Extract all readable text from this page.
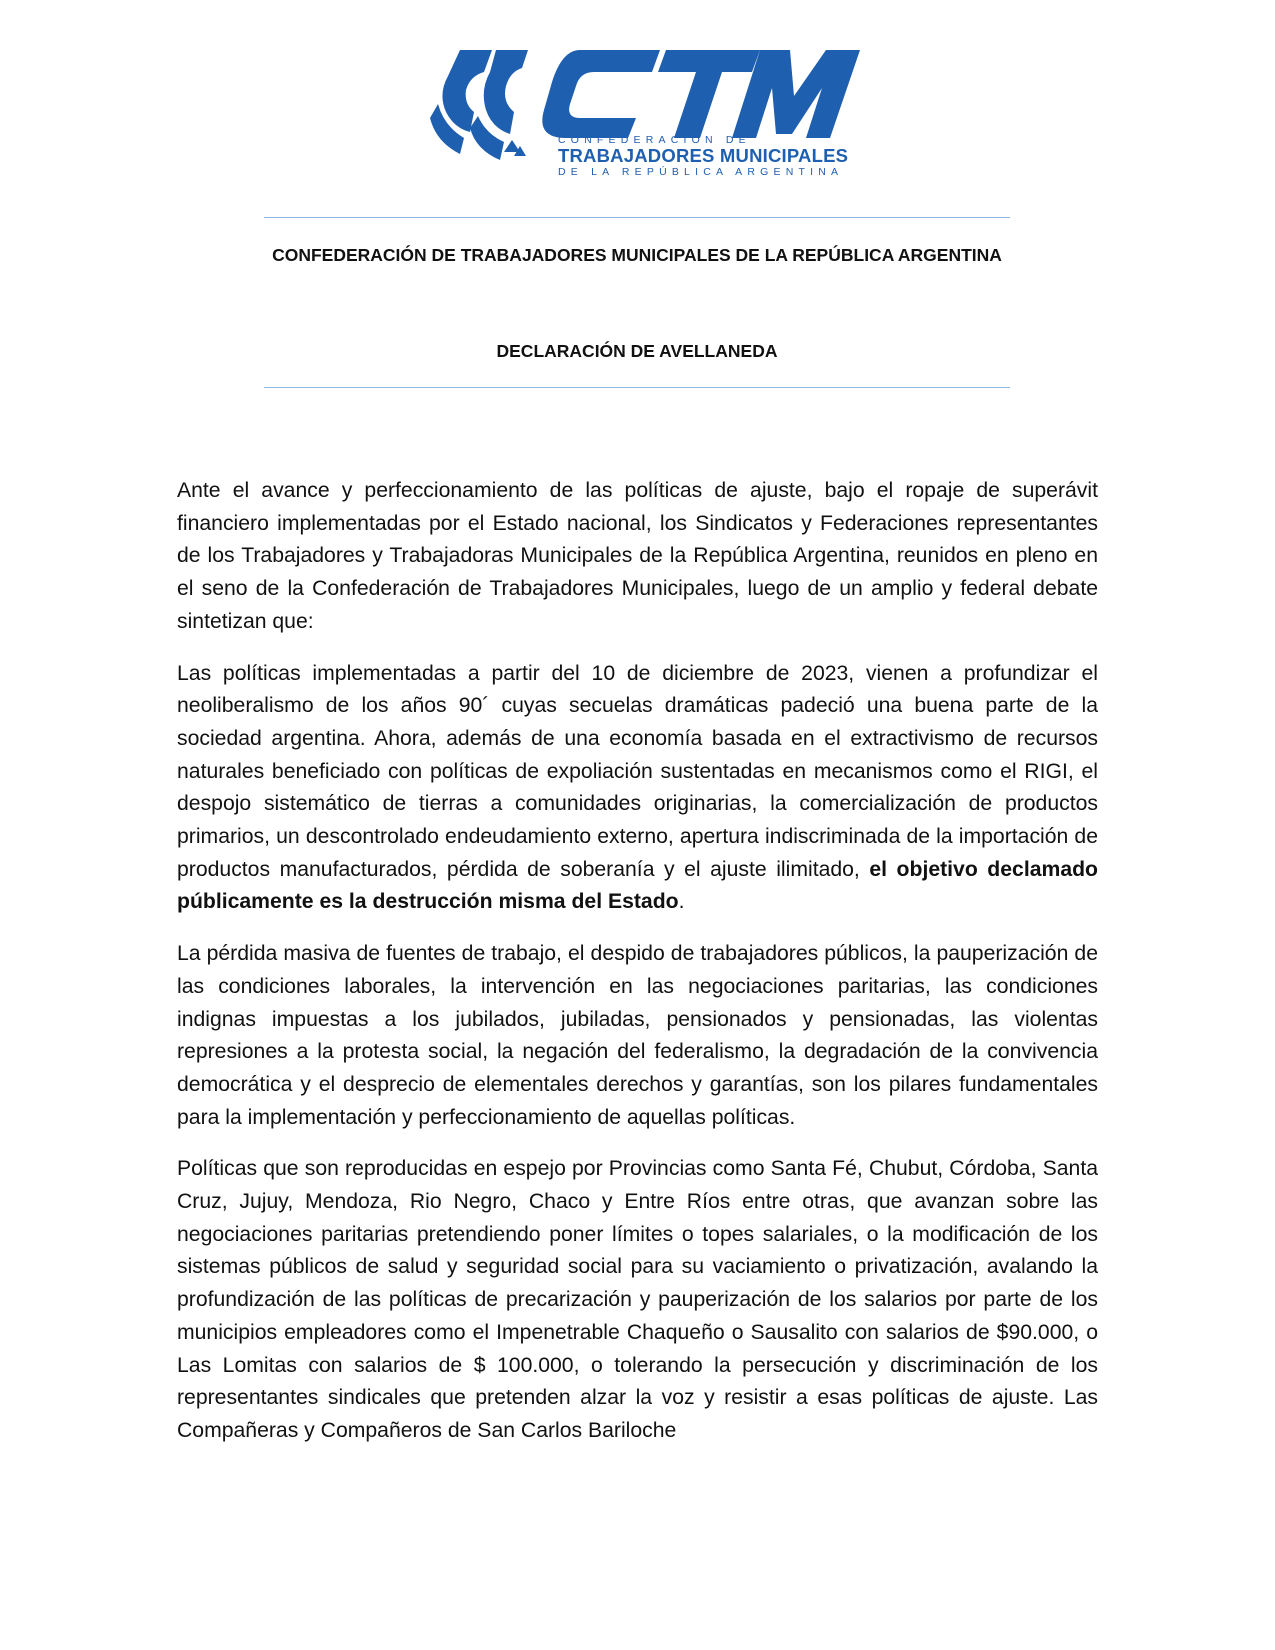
CONFEDERACIÓN DE
TRABAJADORES MUNICIPALES
DE LA REPÚBLICA ARGENTINA
CONFEDERACIÓN DE TRABAJADORES MUNICIPALES DE LA REPÚBLICA ARGENTINA
DECLARACIÓN DE AVELLANEDA

Ante el avance y perfeccionamiento de las políticas de ajuste, bajo el ropaje de superávit financiero implementadas por el Estado nacional, los Sindicatos y Federaciones representantes de los Trabajadores y Trabajadoras Municipales de la República Argentina, reunidos en pleno en el seno de la Confederación de Trabajadores Municipales, luego de un amplio y federal debate sintetizan que:

Las políticas implementadas a partir del 10 de diciembre de 2023, vienen a profundizar el neoliberalismo de los años 90´ cuyas secuelas dramáticas padeció una buena parte de la sociedad argentina. Ahora, además de una economía basada en el extractivismo de recursos naturales beneficiado con políticas de expoliación sustentadas en mecanismos como el RIGI, el despojo sistemático de tierras a comunidades originarias, la comercialización de productos primarios, un descontrolado endeudamiento externo, apertura indiscriminada de la importación de productos manufacturados, pérdida de soberanía y el ajuste ilimitado, el objetivo declamado públicamente es la destrucción misma del Estado.

La pérdida masiva de fuentes de trabajo, el despido de trabajadores públicos, la pauperización de las condiciones laborales, la intervención en las negociaciones paritarias, las condiciones indignas impuestas a los jubilados, jubiladas, pensionados y pensionadas, las violentas represiones a la protesta social, la negación del federalismo, la degradación de la convivencia democrática y el desprecio de elementales derechos y garantías, son los pilares fundamentales para la implementación y perfeccionamiento de aquellas políticas.

Políticas que son reproducidas en espejo por Provincias como Santa Fé, Chubut, Córdoba, Santa Cruz, Jujuy, Mendoza, Rio Negro, Chaco y Entre Ríos entre otras, que avanzan sobre las negociaciones paritarias pretendiendo poner límites o topes salariales, o la modificación de los sistemas públicos de salud y seguridad social para su vaciamiento o privatización, avalando la profundización de las políticas de precarización y pauperización de los salarios por parte de los municipios empleadores como el Impenetrable Chaqueño o Sausalito con salarios de $90.000, o Las Lomitas con salarios de $ 100.000, o tolerando la persecución y discriminación de los representantes sindicales que pretenden alzar la voz y resistir a esas políticas de ajuste. Las Compañeras y Compañeros de San Carlos Bariloche
